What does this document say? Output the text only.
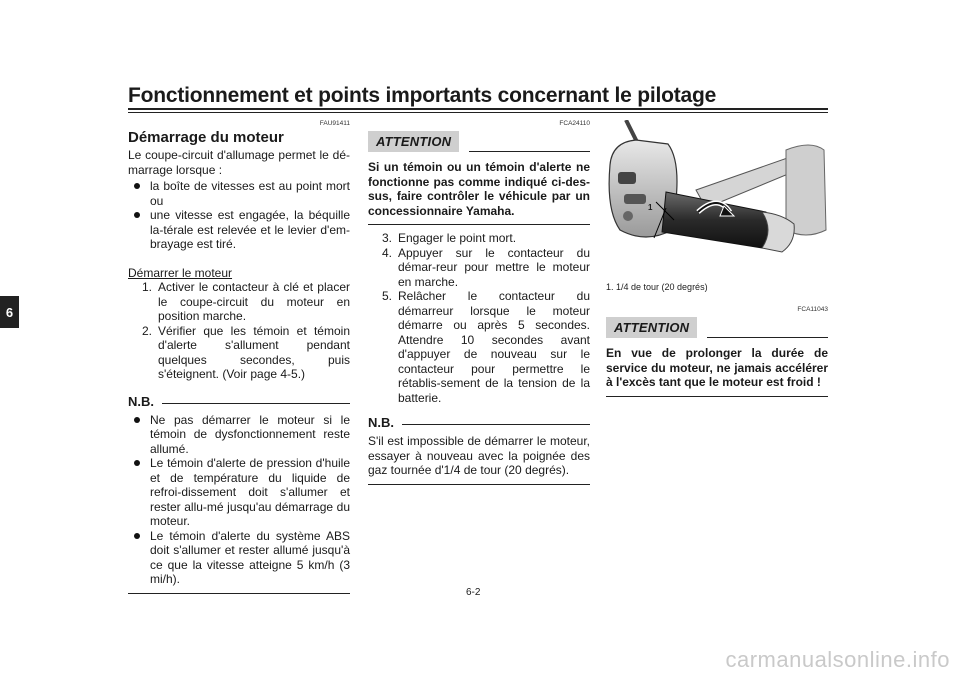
Fonctionnement et points importants concernant le pilotage
6
FAU91411
Démarrage du moteur

Le coupe-circuit d'allumage permet le dé-marrage lorsque :

la boîte de vitesses est au point mort ou
une vitesse est engagée, la béquille la-térale est relevée et le levier d'em-brayage est tiré.

Démarrer le moteur

1. Activer le contacteur à clé et placer le coupe-circuit du moteur en position marche.
2. Vérifier que les témoin et témoin d'alerte s'allument pendant quelques secondes, puis s'éteignent. (Voir page 4-5.)
N.B.
Ne pas démarrer le moteur si le témoin de dysfonctionnement reste allumé.
Le témoin d'alerte de pression d'huile et de température du liquide de refroi-dissement doit s'allumer et rester allu-mé jusqu'au démarrage du moteur.
Le témoin d'alerte du système ABS doit s'allumer et rester allumé jusqu'à ce que la vitesse atteigne 5 km/h (3 mi/h).
FCA24110
ATTENTION

Si un témoin ou un témoin d'alerte ne fonctionne pas comme indiqué ci-des-sus, faire contrôler le véhicule par un concessionnaire Yamaha.

3. Engager le point mort.
4. Appuyer sur le contacteur du démar-reur pour mettre le moteur en marche.
5. Relâcher le contacteur du démarreur lorsque le moteur démarre ou après 5 secondes. Attendre 10 secondes avant d'appuyer de nouveau sur le contacteur pour permettre le rétablis-sement de la tension de la batterie.
N.B.

S'il est impossible de démarrer le moteur, essayer à nouveau avec la poignée des gaz tournée d'1/4 de tour (20 degrés).

1
1. 1/4 de tour (20 degrés)
FCA11043
ATTENTION

En vue de prolonger la durée de service du moteur, ne jamais accélérer à l'excès tant que le moteur est froid !

6-2
carmanualsonline.info
